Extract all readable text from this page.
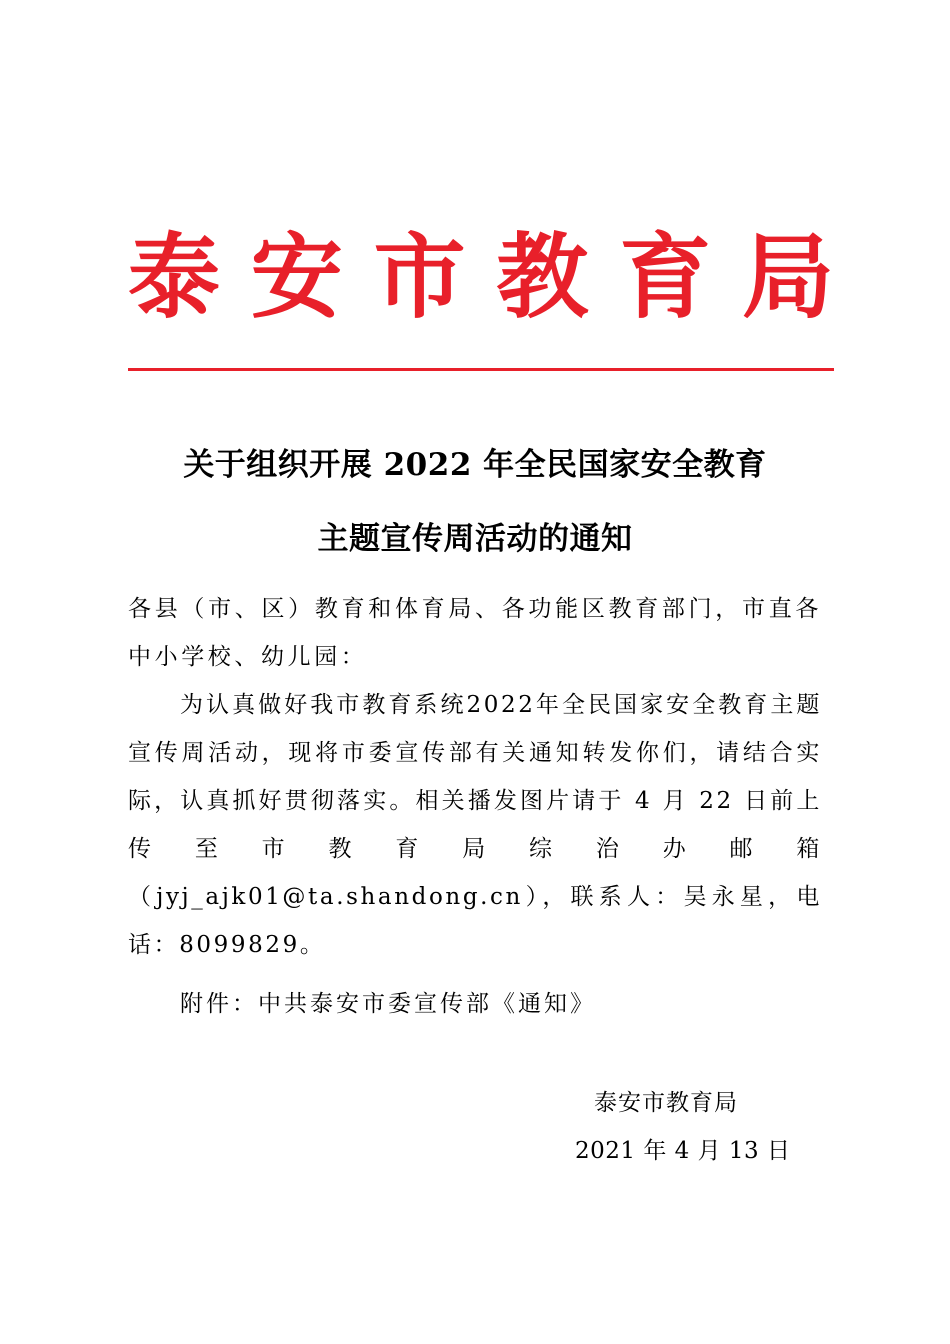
泰 安 市 教 育 局
关于组织开展 2022 年全民国家安全教育
主题宣传周活动的通知

各县（市、区）教育和体育局、各功能区教育部门，市直各中小学校、幼儿园：

为认真做好我市教育系统2022年全民国家安全教育主题宣传周活动，现将市委宣传部有关通知转发你们，请结合实际，认真抓好贯彻落实。相关播发图片请于 4 月 22 日前上传至市教育局综治办邮箱（jyj_ajk01@ta.shandong.cn），联系人：吴永星，电话：8099829。

附件：中共泰安市委宣传部《通知》
泰安市教育局
2021 年 4 月 13 日
